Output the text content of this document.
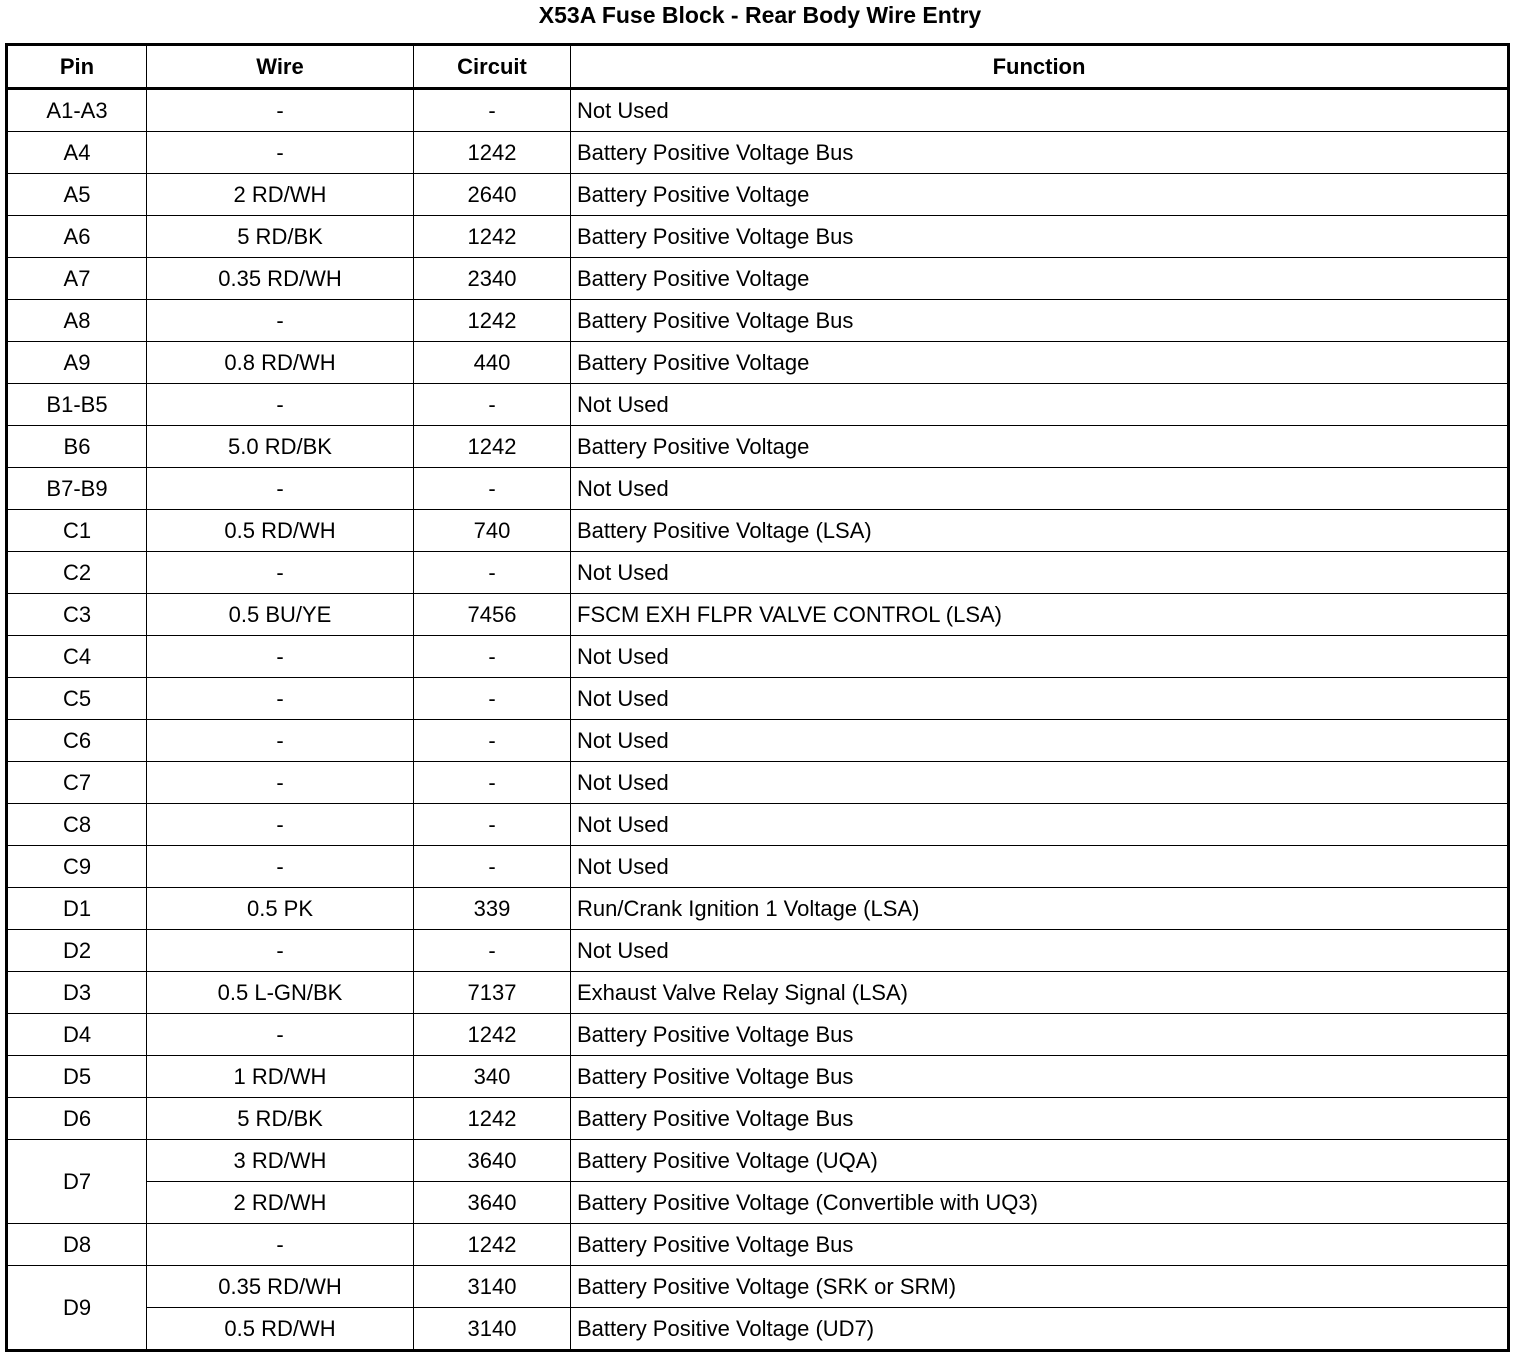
X53A Fuse Block - Rear Body Wire Entry
Pin	Wire	Circuit	Function
A1-A3	-	-	Not Used
A4	-	1242	Battery Positive Voltage Bus
A5	2 RD/WH	2640	Battery Positive Voltage
A6	5 RD/BK	1242	Battery Positive Voltage Bus
A7	0.35 RD/WH	2340	Battery Positive Voltage
A8	-	1242	Battery Positive Voltage Bus
A9	0.8 RD/WH	440	Battery Positive Voltage
B1-B5	-	-	Not Used
B6	5.0 RD/BK	1242	Battery Positive Voltage
B7-B9	-	-	Not Used
C1	0.5 RD/WH	740	Battery Positive Voltage (LSA)
C2	-	-	Not Used
C3	0.5 BU/YE	7456	FSCM EXH FLPR VALVE CONTROL (LSA)
C4	-	-	Not Used
C5	-	-	Not Used
C6	-	-	Not Used
C7	-	-	Not Used
C8	-	-	Not Used
C9	-	-	Not Used
D1	0.5 PK	339	Run/Crank Ignition 1 Voltage (LSA)
D2	-	-	Not Used
D3	0.5 L-GN/BK	7137	Exhaust Valve Relay Signal (LSA)
D4	-	1242	Battery Positive Voltage Bus
D5	1 RD/WH	340	Battery Positive Voltage Bus
D6	5 RD/BK	1242	Battery Positive Voltage Bus
D7	3 RD/WH	3640	Battery Positive Voltage (UQA)
	2 RD/WH	3640	Battery Positive Voltage (Convertible with UQ3)
D8	-	1242	Battery Positive Voltage Bus
D9	0.35 RD/WH	3140	Battery Positive Voltage (SRK or SRM)
	0.5 RD/WH	3140	Battery Positive Voltage (UD7)
